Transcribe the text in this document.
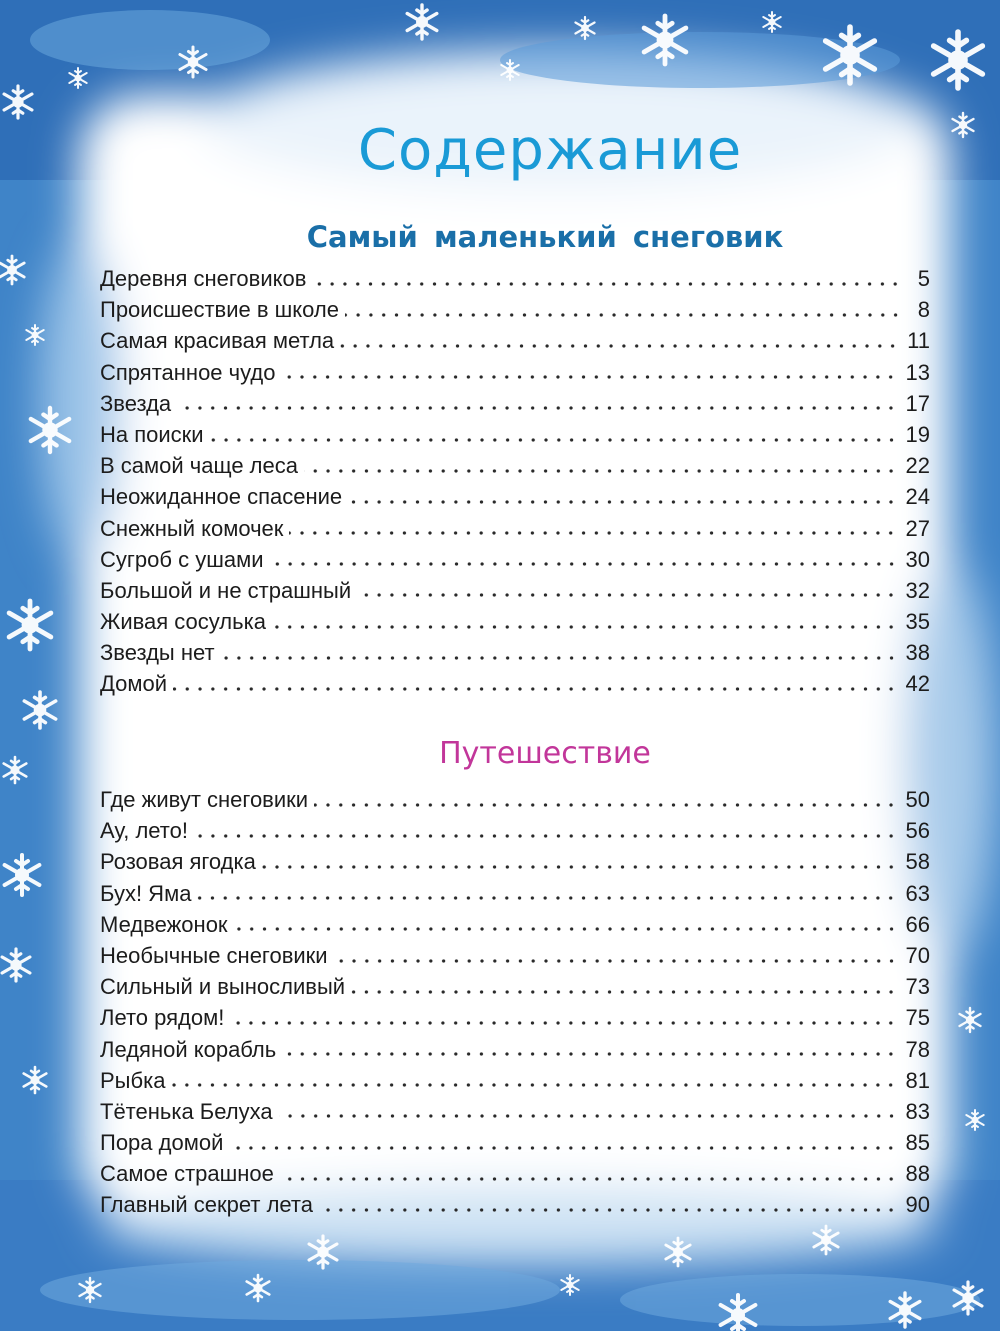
Содержание
Самый маленький снеговик
Деревня снеговиков	5
Происшествие в школе	8
Самая красивая метла	11
Спрятанное чудо	13
Звезда	17
На поиски	19
В самой чаще леса	22
Неожиданное спасение	24
Снежный комочек	27
Сугроб с ушами	30
Большой и не страшный	32
Живая сосулька	35
Звезды нет	38
Домой	42
Путешествие
Где живут снеговики	50
Ау, лето!	56
Розовая ягодка	58
Бух! Яма	63
Медвежонок	66
Необычные снеговики	70
Сильный и выносливый	73
Лето рядом!	75
Ледяной корабль	78
Рыбка	81
Тётенька Белуха	83
Пора домой	85
Самое страшное	88
Главный секрет лета	90
